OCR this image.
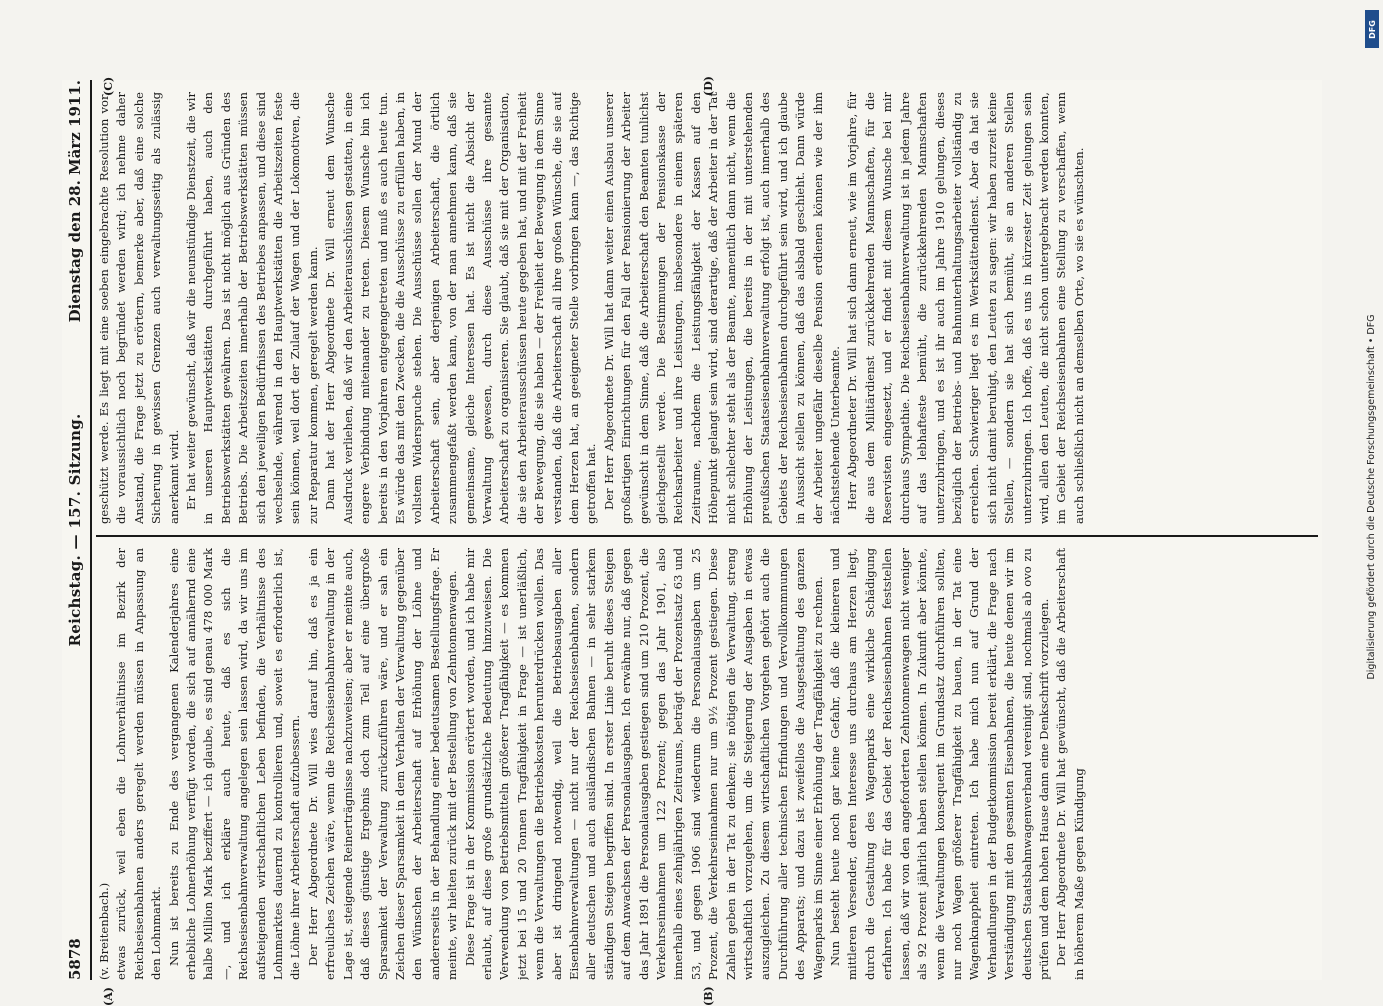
5878
Reichstag. — 157. Sitzung.
Dienstag den 28. März 1911.

(v. Breitenbach.) etwas zurück, weil eben die Lohnverhältnisse im Bezirk der Reichseisenbahnen anders geregelt werden müssen in Anpassung an den Lohnmarkt. Nun ist bereits zu Ende des vergangenen Kalenderjahres eine erhebliche Lohnerhöhung verfügt worden, die sich auf annähernd eine halbe Million Mark beziffert — ich glaube, es sind genau 478 000 Mark —, und ich erkläre auch heute, daß es sich die Reichseisenbahnverwaltung angelegen sein lassen wird, da wir uns im aufsteigenden wirtschaftlichen Leben befinden, die Verhältnisse des Lohnmarktes dauernd zu kontrollieren und, soweit es erforderlich ist, die Löhne ihrer Arbeiterschaft aufzubessern. Der Herr Abgeordnete Dr. Will wies darauf hin, daß es ja ein erfreuliches Zeichen wäre, wenn die Reichseisenbahnverwaltung in der Lage ist, steigende Reinerträgnisse nachzuweisen; aber er meinte auch, daß dieses günstige Ergebnis doch zum Teil auf eine übergroße Sparsamkeit der Verwaltung zurückzuführen wäre, und er sah ein Zeichen dieser Sparsamkeit in dem Verhalten der Verwaltung gegenüber den Wünschen der Arbeiterschaft auf Erhöhung der Löhne und andererseits in der Behandlung einer bedeutsamen Bestellungsfrage. Er meinte, wir hielten zurück mit der Bestellung von Zehntonnenwagen. Diese Frage ist in der Kommission erörtert worden, und ich habe mir erlaubt, auf diese große grundsätzliche Bedeutung hinzuweisen. Die Verwendung von Betriebsmitteln größerer Tragfähigkeit — es kommen jetzt bei 15 und 20 Tonnen Tragfähigkeit in Frage — ist unerläßlich, wenn die Verwaltungen die Betriebskosten herunterdrücken wollen. Das aber ist dringend notwendig, weil die Betriebsausgaben aller Eisenbahnverwaltungen — nicht nur der Reichseisenbahnen, sondern aller deutschen und auch ausländischen Bahnen — in sehr starkem ständigen Steigen begriffen sind. In erster Linie beruht dieses Steigen auf dem Anwachsen der Personalausgaben. Ich erwähne nur, daß gegen das Jahr 1891 die Personalausgaben gestiegen sind um 210 Prozent, die Verkehrseinnahmen um 122 Prozent; gegen das Jahr 1901, also innerhalb eines zehnjährigen Zeitraums, beträgt der Prozentsatz 63 und 53, und gegen 1906 sind wiederum die Personalausgaben um 25 Prozent, die Verkehrseinnahmen nur um 9½ Prozent gestiegen. Diese Zahlen geben in der Tat zu denken; sie nötigen die Verwaltung, streng wirtschaftlich vorzugehen, um die Steigerung der Ausgaben in etwas auszugleichen. Zu diesem wirtschaftlichen Vorgehen gehört auch die Durchführung aller technischen Erfindungen und Vervollkommnungen des Apparats; und dazu ist zweifellos die Ausgestaltung des ganzen Wagenparks im Sinne einer Erhöhung der Tragfähigkeit zu rechnen. Nun besteht heute noch gar keine Gefahr, daß die kleineren und mittleren Versender, deren Interesse uns durchaus am Herzen liegt, durch die Gestaltung des Wagenparks eine wirkliche Schädigung erfahren. Ich habe für das Gebiet der Reichseisenbahnen feststellen lassen, daß wir von den angeforderten Zehntonnenwagen nicht weniger als 92 Prozent jährlich haben stellen können. In Zukunft aber könnte, wenn die Verwaltungen konsequent im Grundsatz durchführen sollten, nur noch Wagen größerer Tragfähigkeit zu bauen, in der Tat eine Wagenknappheit eintreten. Ich habe mich nun auf Grund der Verhandlungen in der Budgetkommission bereit erklärt, die Frage nach Verständigung mit den gesamten Eisenbahnen, die heute denen wir im deutschen Staatsbahnwagenverband vereinigt sind, nochmals ab ovo zu prüfen und dem hohen Hause dann eine Denkschrift vorzulegen. Der Herr Abgeordnete Dr. Will hat gewünscht, daß die Arbeiterschaft in höherem Maße gegen Kündigung

geschützt werde. Es liegt mit eine soeben eingebrachte Resolution vor, die voraussichtlich noch begründet werden wird; ich nehme daher Anstand, die Frage jetzt zu erörtern, bemerke aber, daß eine solche Sicherung in gewissen Grenzen auch verwaltungsseitig als zulässig anerkannt wird. Er hat weiter gewünscht, daß wir die neunstündige Dienstzeit, die wir in unseren Hauptwerkstätten durchgeführt haben, auch den Betriebswerkstätten gewähren. Das ist nicht möglich aus Gründen des Betriebs. Die Arbeitszeiten innerhalb der Betriebswerkstätten müssen sich den jeweiligen Bedürfnissen des Betriebes anpassen, und diese sind wechselnde, während in den Hauptwerkstätten die Arbeitszeiten feste sein können, weil dort der Zulauf der Wagen und der Lokomotiven, die zur Reparatur kommen, geregelt werden kann. Dann hat der Herr Abgeordnete Dr. Will erneut dem Wunsche Ausdruck verliehen, daß wir den Arbeiterausschüssen gestatten, in eine engere Verbindung miteinander zu treten. Diesem Wunsche bin ich bereits in den Vorjahren entgegengetreten und muß es auch heute tun. Es würde das mit den Zwecken, die die Ausschüsse zu erfüllen haben, in vollstem Widerspruche stehen. Die Ausschüsse sollen der Mund der Arbeiterschaft sein, aber derjenigen Arbeiterschaft, die örtlich zusammengefaßt werden kann, von der man annehmen kann, daß sie gemeinsame, gleiche Interessen hat. Es ist nicht die Absicht der Verwaltung gewesen, durch diese Ausschüsse ihre gesamte Arbeiterschaft zu organisieren. Sie glaubt, daß sie mit der Organisation, die sie den Arbeiterausschüssen heute gegeben hat, und mit der Freiheit der Bewegung, die sie haben — der Freiheit der Bewegung in dem Sinne verstanden, daß die Arbeiterschaft all ihre großen Wünsche, die sie auf dem Herzen hat, an geeigneter Stelle vorbringen kann —, das Richtige getroffen hat. Der Herr Abgeordnete Dr. Will hat dann weiter einen Ausbau unserer großartigen Einrichtungen für den Fall der Pensionierung der Arbeiter gewünscht in dem Sinne, daß die Arbeiterschaft den Beamten tunlichst gleichgestellt werde. Die Bestimmungen der Pensionskasse der Reichsarbeiter und ihre Leistungen, insbesondere in einem späteren Zeitraume, nachdem die Leistungsfähigkeit der Kassen auf den Höhepunkt gelangt sein wird, sind derartige, daß der Arbeiter in der Tat nicht schlechter steht als der Beamte, namentlich dann nicht, wenn die Erhöhung der Leistungen, die bereits in der mit unterstehenden preußischen Staatseisenbahnverwaltung erfolgt ist, auch innerhalb des Gebiets der Reichseisenbahnen durchgeführt sein wird, und ich glaube in Aussicht stellen zu können, daß das alsbald geschieht. Dann würde der Arbeiter ungefähr dieselbe Pension erdienen können wie der ihm nächststehende Unterbeamte. Herr Abgeordneter Dr. Will hat sich dann erneut, wie im Vorjahre, für die aus dem Militärdienst zurückkehrenden Mannschaften, für die Reservisten eingesetzt, und er findet mit diesem Wunsche bei mir durchaus Sympathie. Die Reichseisenbahnverwaltung ist in jedem Jahre auf das lebhafteste bemüht, die zurückkehrenden Mannschaften unterzubringen, und es ist ihr auch im Jahre 1910 gelungen, dieses bezüglich der Betriebs- und Bahnunterhaltungsarbeiter vollständig zu erreichen. Schwieriger liegt es im Werkstättendienst. Aber da hat sie sich nicht damit beruhigt, den Leuten zu sagen: wir haben zurzeit keine Stellen, — sondern sie hat sich bemüht, sie an anderen Stellen unterzubringen. Ich hoffe, daß es uns in kürzester Zeit gelungen sein wird, allen den Leuten, die nicht schon untergebracht werden konnten, im Gebiet der Reichseisenbahnen eine Stellung zu verschaffen, wenn auch schließlich nicht an demselben Orte, wo sie es wünschten.

(A)	(B)
(C)	(D)
DFG
Digitalisierung gefördert durch die Deutsche Forschungsgemeinschaft • DFG
